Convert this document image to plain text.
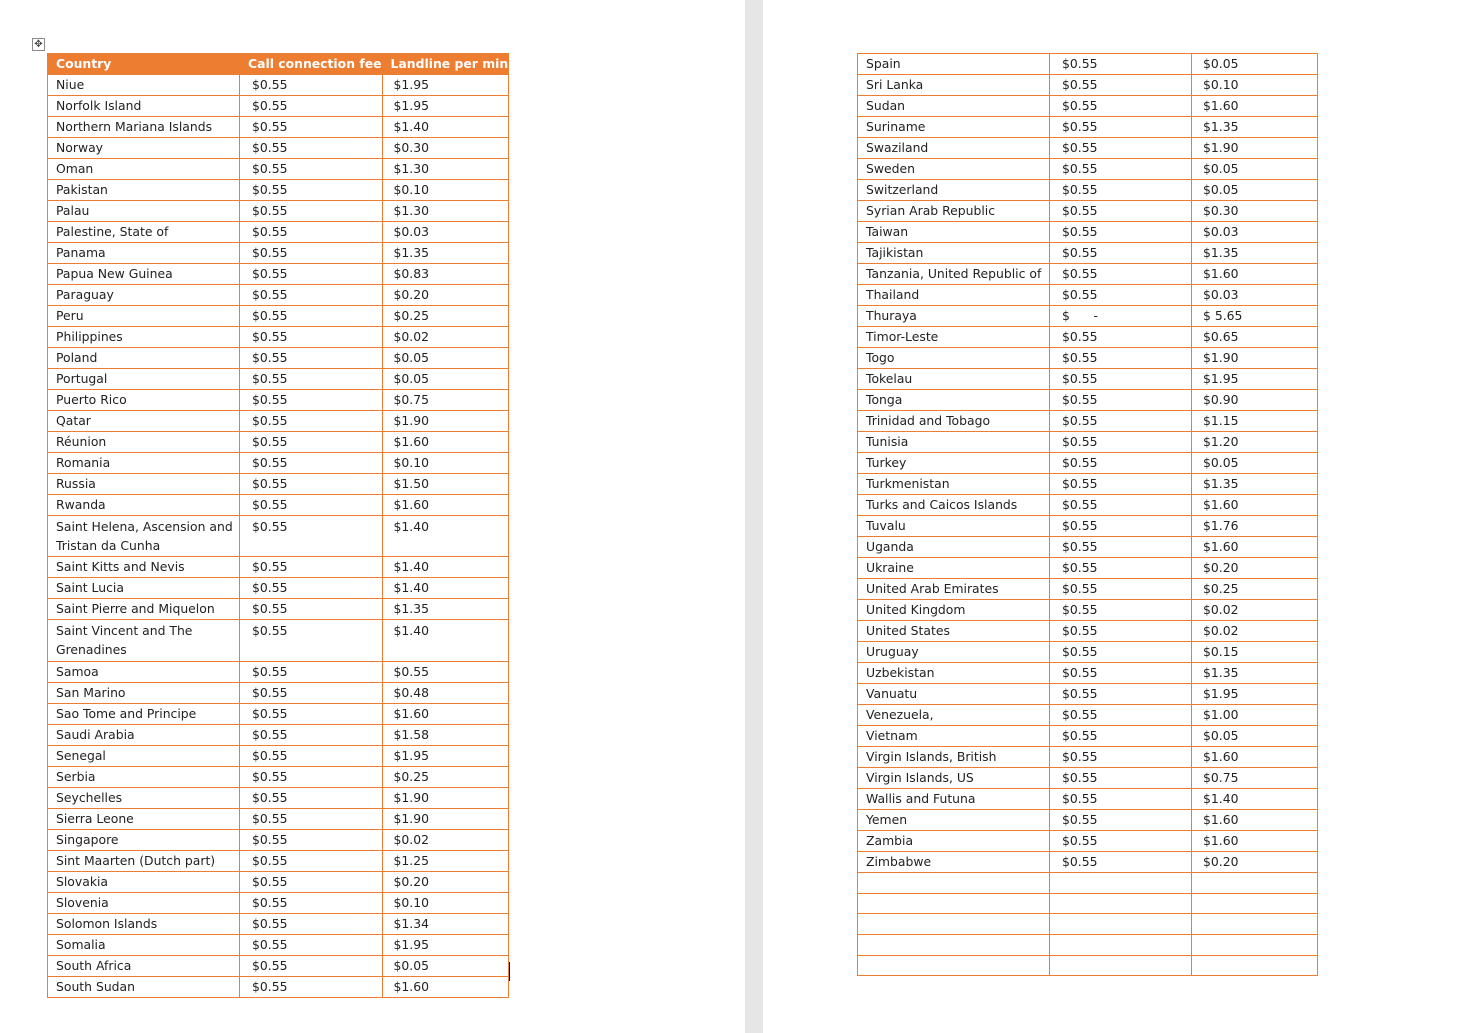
✥
Country	Call connection fee	Landline per min
Niue	$0.55	$1.95
Norfolk Island	$0.55	$1.95
Northern Mariana Islands	$0.55	$1.40
Norway	$0.55	$0.30
Oman	$0.55	$1.30
Pakistan	$0.55	$0.10
Palau	$0.55	$1.30
Palestine, State of	$0.55	$0.03
Panama	$0.55	$1.35
Papua New Guinea	$0.55	$0.83
Paraguay	$0.55	$0.20
Peru	$0.55	$0.25
Philippines	$0.55	$0.02
Poland	$0.55	$0.05
Portugal	$0.55	$0.05
Puerto Rico	$0.55	$0.75
Qatar	$0.55	$1.90
Réunion	$0.55	$1.60
Romania	$0.55	$0.10
Russia	$0.55	$1.50
Rwanda	$0.55	$1.60
Saint Helena, Ascension and Tristan da Cunha	$0.55	$1.40
Saint Kitts and Nevis	$0.55	$1.40
Saint Lucia	$0.55	$1.40
Saint Pierre and Miquelon	$0.55	$1.35
Saint Vincent and The Grenadines	$0.55	$1.40
Samoa	$0.55	$0.55
San Marino	$0.55	$0.48
Sao Tome and Principe	$0.55	$1.60
Saudi Arabia	$0.55	$1.58
Senegal	$0.55	$1.95
Serbia	$0.55	$0.25
Seychelles	$0.55	$1.90
Sierra Leone	$0.55	$1.90
Singapore	$0.55	$0.02
Sint Maarten (Dutch part)	$0.55	$1.25
Slovakia	$0.55	$0.20
Slovenia	$0.55	$0.10
Solomon Islands	$0.55	$1.34
Somalia	$0.55	$1.95
South Africa	$0.55	$0.05
South Sudan	$0.55	$1.60
Spain	$0.55	$0.05
Sri Lanka	$0.55	$0.10
Sudan	$0.55	$1.60
Suriname	$0.55	$1.35
Swaziland	$0.55	$1.90
Sweden	$0.55	$0.05
Switzerland	$0.55	$0.05
Syrian Arab Republic	$0.55	$0.30
Taiwan	$0.55	$0.03
Tajikistan	$0.55	$1.35
Tanzania, United Republic of	$0.55	$1.60
Thailand	$0.55	$0.03
Thuraya	$      -	$ 5.65
Timor-Leste	$0.55	$0.65
Togo	$0.55	$1.90
Tokelau	$0.55	$1.95
Tonga	$0.55	$0.90
Trinidad and Tobago	$0.55	$1.15
Tunisia	$0.55	$1.20
Turkey	$0.55	$0.05
Turkmenistan	$0.55	$1.35
Turks and Caicos Islands	$0.55	$1.60
Tuvalu	$0.55	$1.76
Uganda	$0.55	$1.60
Ukraine	$0.55	$0.20
United Arab Emirates	$0.55	$0.25
United Kingdom	$0.55	$0.02
United States	$0.55	$0.02
Uruguay	$0.55	$0.15
Uzbekistan	$0.55	$1.35
Vanuatu	$0.55	$1.95
Venezuela,	$0.55	$1.00
Vietnam	$0.55	$0.05
Virgin Islands, British	$0.55	$1.60
Virgin Islands, US	$0.55	$0.75
Wallis and Futuna	$0.55	$1.40
Yemen	$0.55	$1.60
Zambia	$0.55	$1.60
Zimbabwe	$0.55	$0.20
